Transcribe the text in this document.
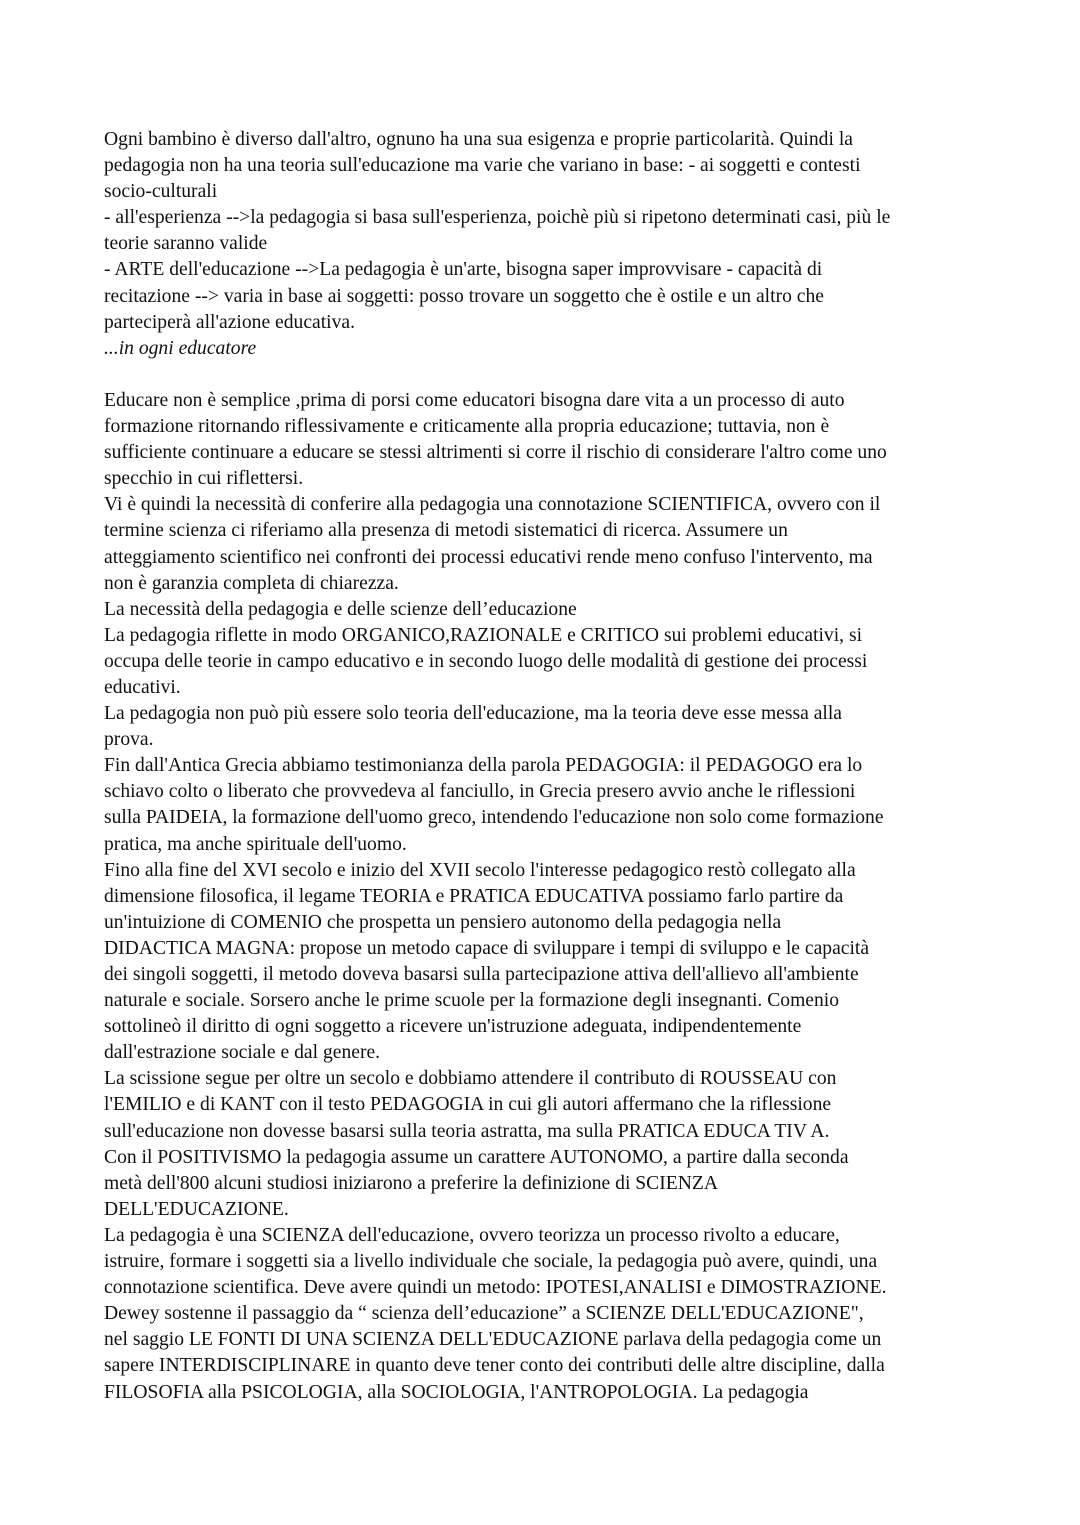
Ogni bambino è diverso dall'altro, ognuno ha una sua esigenza e proprie particolarità. Quindi la
pedagogia non ha una teoria sull'educazione ma varie che variano in base: - ai soggetti e contesti
socio-culturali
- all'esperienza -->la pedagogia si basa sull'esperienza, poichè più si ripetono determinati casi, più le
teorie saranno valide
- ARTE dell'educazione -->La pedagogia è un'arte, bisogna saper improvvisare - capacità di
recitazione --> varia in base ai soggetti: posso trovare un soggetto che è ostile e un altro che
parteciperà all'azione educativa.
...in ogni educatore
Educare non è semplice ,prima di porsi come educatori bisogna dare vita a un processo di auto
formazione ritornando riflessivamente e criticamente alla propria educazione; tuttavia, non è
sufficiente continuare a educare se stessi altrimenti si corre il rischio di considerare l'altro come uno
specchio in cui riflettersi.
Vi è quindi la necessità di conferire alla pedagogia una connotazione SCIENTIFICA, ovvero con il
termine scienza ci riferiamo alla presenza di metodi sistematici di ricerca. Assumere un
atteggiamento scientifico nei confronti dei processi educativi rende meno confuso l'intervento, ma
non è garanzia completa di chiarezza.
La necessità della pedagogia e delle scienze dell’educazione
La pedagogia riflette in modo ORGANICO,RAZIONALE e CRITICO sui problemi educativi, si
occupa delle teorie in campo educativo e in secondo luogo delle modalità di gestione dei processi
educativi.
La pedagogia non può più essere solo teoria dell'educazione, ma la teoria deve esse messa alla
prova.
Fin dall'Antica Grecia abbiamo testimonianza della parola PEDAGOGIA: il PEDAGOGO era lo
schiavo colto o liberato che provvedeva al fanciullo, in Grecia presero avvio anche le riflessioni
sulla PAIDEIA, la formazione dell'uomo greco, intendendo l'educazione non solo come formazione
pratica, ma anche spirituale dell'uomo.
Fino alla fine del XVI secolo e inizio del XVII secolo l'interesse pedagogico restò collegato alla
dimensione filosofica, il legame TEORIA e PRATICA EDUCATIVA possiamo farlo partire da
un'intuizione di COMENIO che prospetta un pensiero autonomo della pedagogia nella
DIDACTICA MAGNA: propose un metodo capace di sviluppare i tempi di sviluppo e le capacità
dei singoli soggetti, il metodo doveva basarsi sulla partecipazione attiva dell'allievo all'ambiente
naturale e sociale. Sorsero anche le prime scuole per la formazione degli insegnanti. Comenio
sottolineò il diritto di ogni soggetto a ricevere un'istruzione adeguata, indipendentemente
dall'estrazione sociale e dal genere.
La scissione segue per oltre un secolo e dobbiamo attendere il contributo di ROUSSEAU con
l'EMILIO e di KANT con il testo PEDAGOGIA in cui gli autori affermano che la riflessione
sull'educazione non dovesse basarsi sulla teoria astratta, ma sulla PRATICA EDUCA TIV A.
Con il POSITIVISMO la pedagogia assume un carattere AUTONOMO, a partire dalla seconda
metà dell'800 alcuni studiosi iniziarono a preferire la definizione di SCIENZA
DELL'EDUCAZIONE.
La pedagogia è una SCIENZA dell'educazione, ovvero teorizza un processo rivolto a educare,
istruire, formare i soggetti sia a livello individuale che sociale, la pedagogia può avere, quindi, una
connotazione scientifica. Deve avere quindi un metodo: IPOTESI,ANALISI e DIMOSTRAZIONE.
Dewey sostenne il passaggio da “ scienza dell’educazione” a SCIENZE DELL'EDUCAZIONE",
nel saggio LE FONTI DI UNA SCIENZA DELL'EDUCAZIONE parlava della pedagogia come un
sapere INTERDISCIPLINARE in quanto deve tener conto dei contributi delle altre discipline, dalla
FILOSOFIA alla PSICOLOGIA, alla SOCIOLOGIA, l'ANTROPOLOGIA. La pedagogia
